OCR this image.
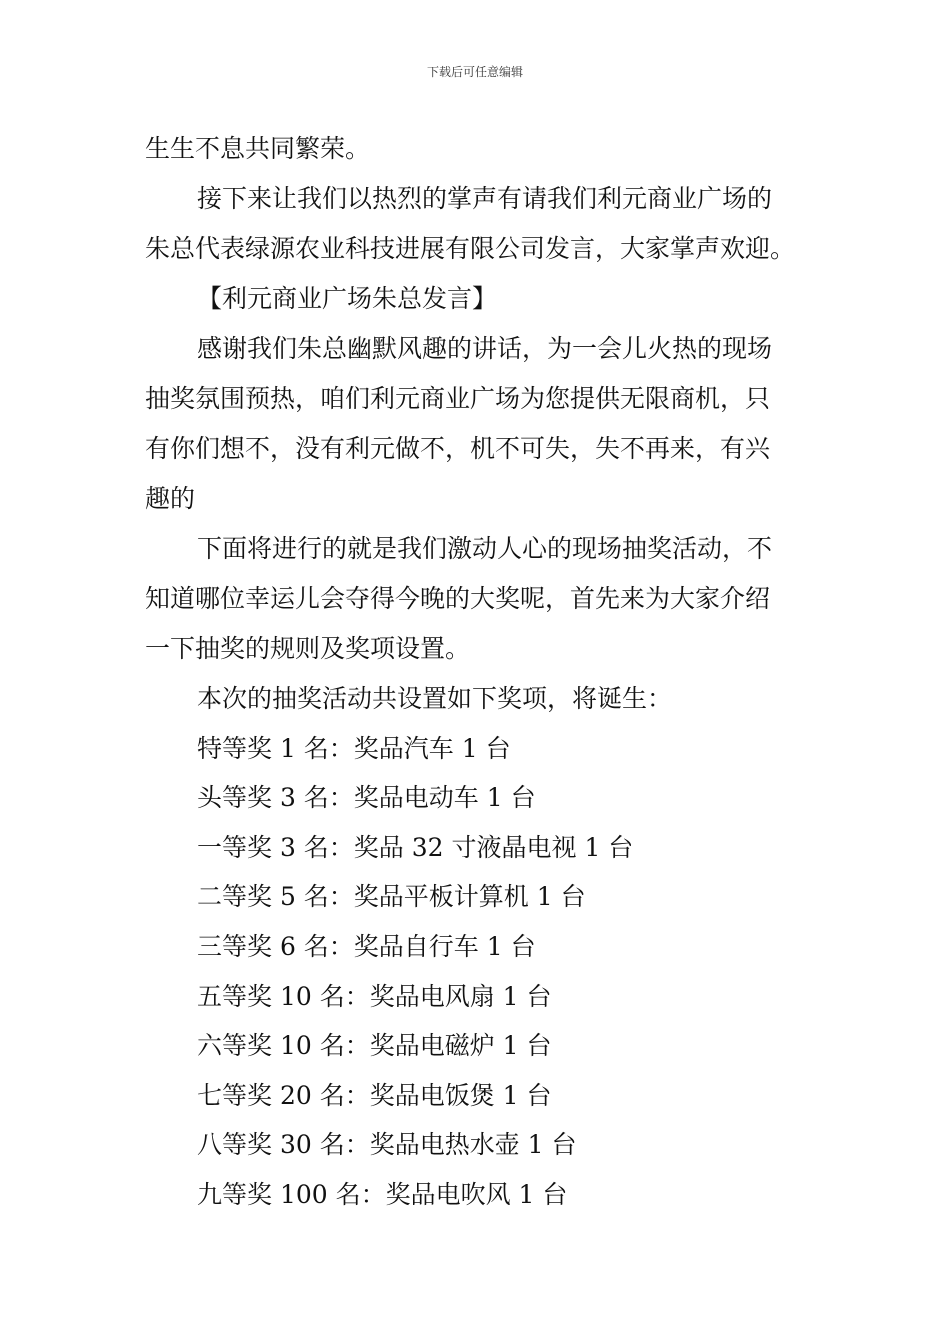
下载后可任意编辑
生生不息共同繁荣。
接下来让我们以热烈的掌声有请我们利元商业广场的
朱总代表绿源农业科技进展有限公司发言，大家掌声欢迎。
【利元商业广场朱总发言】
感谢我们朱总幽默风趣的讲话，为一会儿火热的现场
抽奖氛围预热，咱们利元商业广场为您提供无限商机，只
有你们想不，没有利元做不，机不可失，失不再来，有兴
趣的
下面将进行的就是我们激动人心的现场抽奖活动，不
知道哪位幸运儿会夺得今晚的大奖呢，首先来为大家介绍
一下抽奖的规则及奖项设置。
本次的抽奖活动共设置如下奖项，将诞生：
特等奖 1 名：奖品汽车 1 台
头等奖 3 名：奖品电动车 1 台
一等奖 3 名：奖品 32 寸液晶电视 1 台
二等奖 5 名：奖品平板计算机 1 台
三等奖 6 名：奖品自行车 1 台
五等奖 10 名：奖品电风扇 1 台
六等奖 10 名：奖品电磁炉 1 台
七等奖 20 名：奖品电饭煲 1 台
八等奖 30 名：奖品电热水壶 1 台
九等奖 100 名：奖品电吹风 1 台
